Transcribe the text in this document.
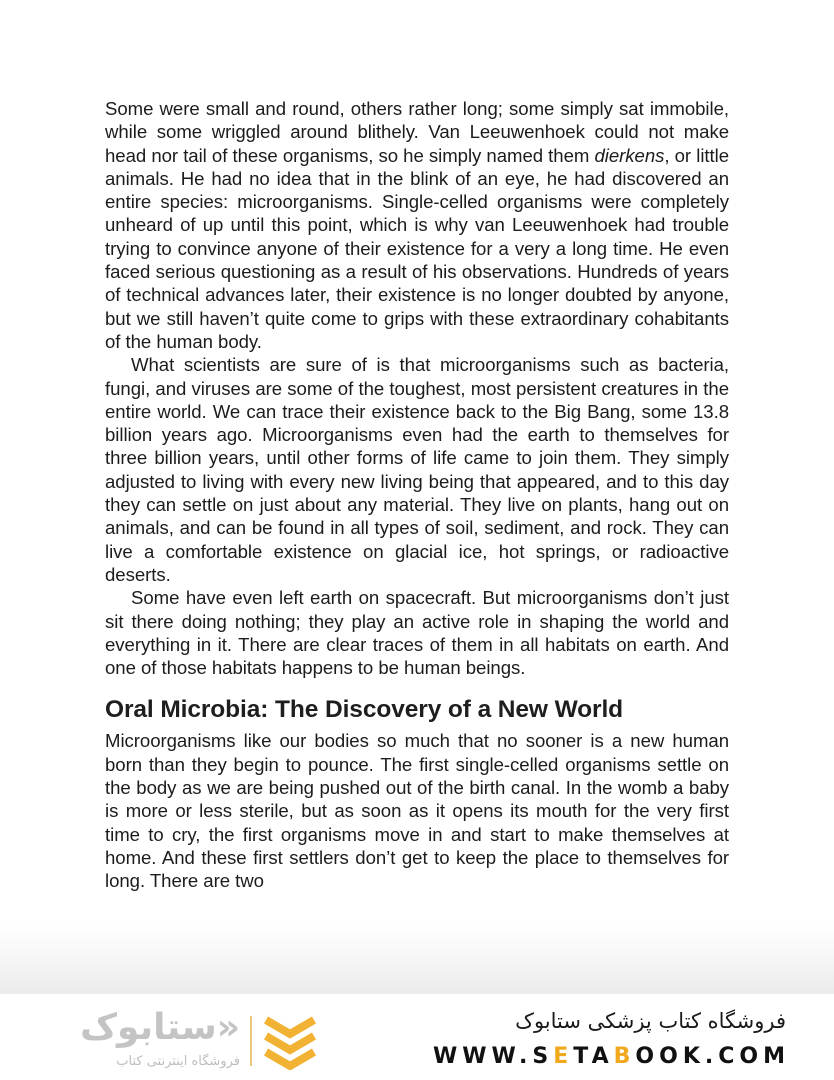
Some were small and round, others rather long; some simply sat immobile, while some wriggled around blithely. Van Leeuwenhoek could not make head nor tail of these organisms, so he simply named them dierkens, or little animals. He had no idea that in the blink of an eye, he had discovered an entire species: microorganisms. Single-celled organisms were completely unheard of up until this point, which is why van Leeuwenhoek had trouble trying to convince anyone of their existence for a very a long time. He even faced serious questioning as a result of his observations. Hundreds of years of technical advances later, their existence is no longer doubted by anyone, but we still haven’t quite come to grips with these extraordinary cohabitants of the human body.

What scientists are sure of is that microorganisms such as bacteria, fungi, and viruses are some of the toughest, most persistent creatures in the entire world. We can trace their existence back to the Big Bang, some 13.8 billion years ago. Microorganisms even had the earth to themselves for three billion years, until other forms of life came to join them. They simply adjusted to living with every new living being that appeared, and to this day they can settle on just about any material. They live on plants, hang out on animals, and can be found in all types of soil, sediment, and rock. They can live a comfortable existence on glacial ice, hot springs, or radioactive deserts.

Some have even left earth on spacecraft. But microorganisms don’t just sit there doing nothing; they play an active role in shaping the world and everything in it. There are clear traces of them in all habitats on earth. And one of those habitats happens to be human beings.

Oral Microbia: The Discovery of a New World

Microorganisms like our bodies so much that no sooner is a new human born than they begin to pounce. The first single-celled organisms settle on the body as we are being pushed out of the birth canal. In the womb a baby is more or less sterile, but as soon as it opens its mouth for the very first time to cry, the first organisms move in and start to make themselves at home. And these first settlers don’t get to keep the place to themselves for long. There are two

«ستابوک
فروشگاه اینترنتی کتاب
فروشگاه کتاب پزشکی ستابوک
WWW.SETABOOK.COM
